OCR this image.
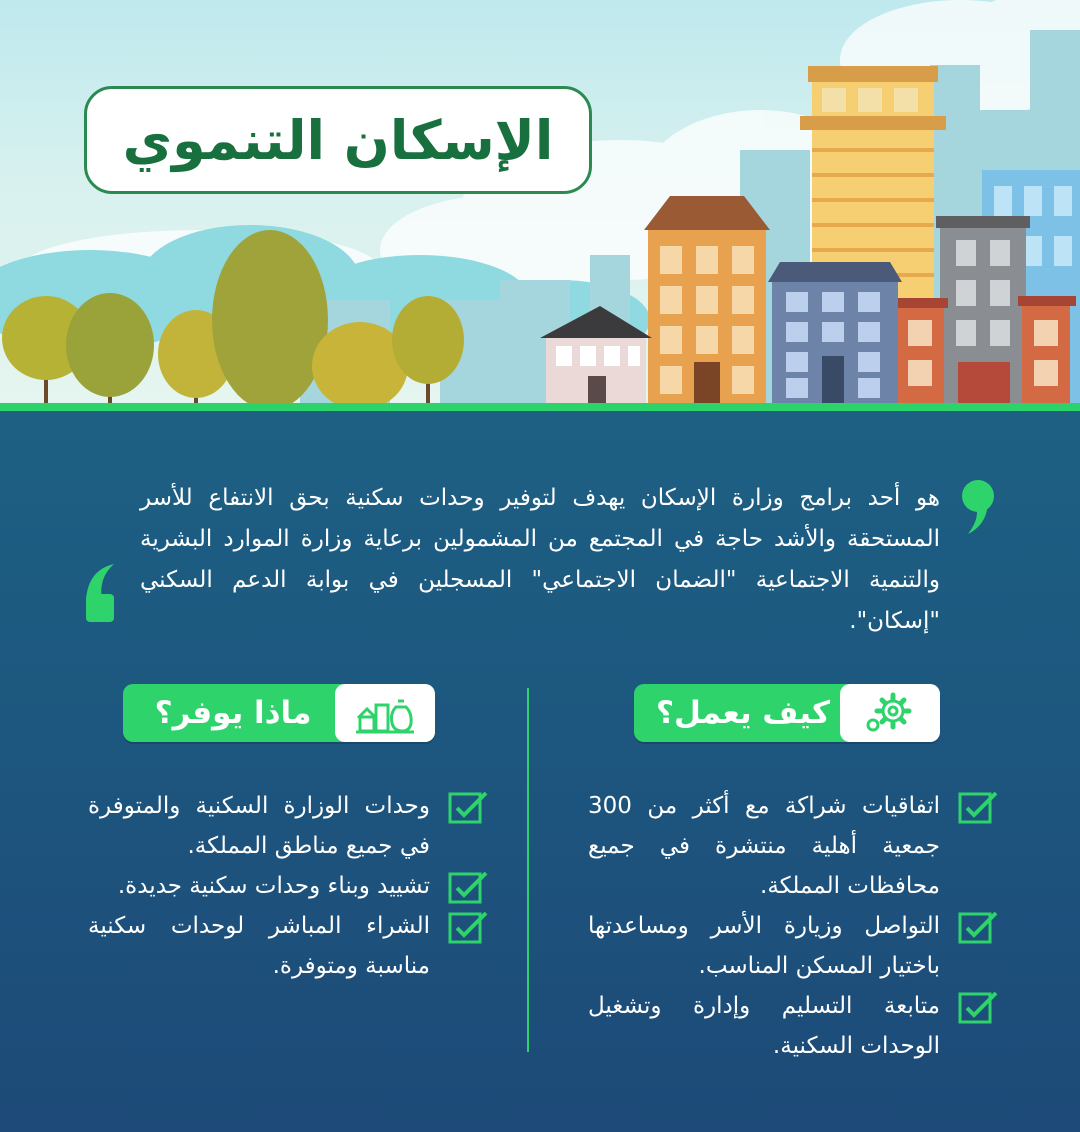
الإسكان التنموي

هو أحد برامج وزارة الإسكان يهدف لتوفير وحدات سكنية بحق الانتفاع للأسر المستحقة والأشد حاجة في المجتمع من المشمولين برعاية وزارة الموارد البشرية والتنمية الاجتماعية "الضمان الاجتماعي" المسجلين في بوابة الدعم السكني "إسكان".

كيف يعمل؟
اتفاقيات شراكة مع أكثر من 300 جمعية أهلية منتشرة في جميع محافظات المملكة.
التواصل وزيارة الأسر ومساعدتها باختيار المسكن المناسب.
متابعة التسليم وإدارة وتشغيل الوحدات السكنية.
ماذا يوفر؟
وحدات الوزارة السكنية والمتوفرة في جميع مناطق المملكة.
تشييد وبناء وحدات سكنية جديدة.
الشراء المباشر لوحدات سكنية مناسبة ومتوفرة.
